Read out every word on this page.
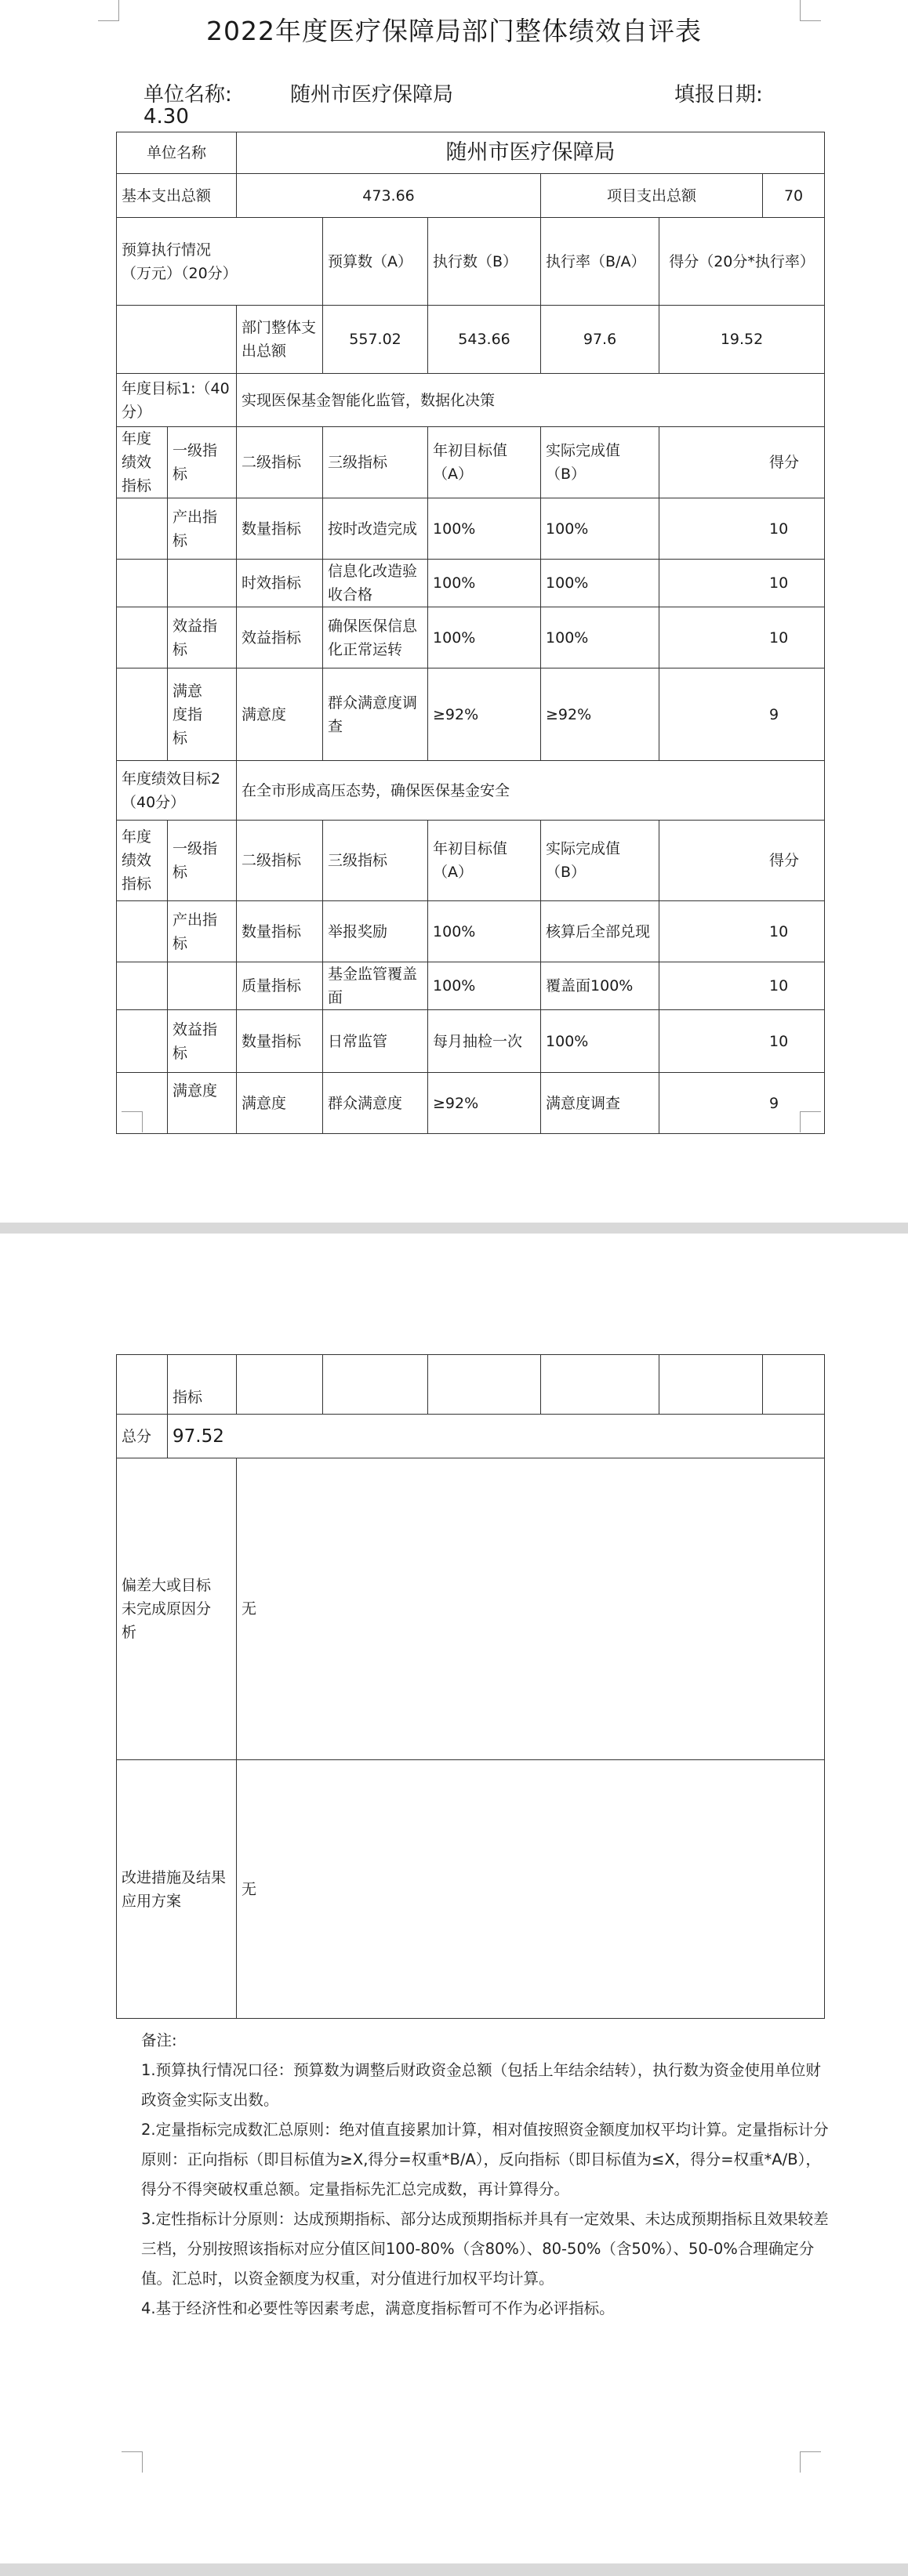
2022年度医疗保障局部门整体绩效自评表
单位名称:	随州市医疗保障局	填报日期:
4.30
单位名称		随州市医疗保障局					
基本支出总额		473.66			项目支出总额		70
预算执行情况（万元）（20分）			预算数（A）	执行数（B）	执行率（B/A）	得分（20分*执行率）	
		部门整体支出总额	557.02	543.66	97.6	19.52	
年度目标1:（40分）		实现医保基金智能化监管，数据化决策					
年度绩效指标	一级指标	二级指标	三级指标	年初目标值（A）	实际完成值（B）	得分	
	产出指标	数量指标	按时改造完成	100%	100%	10	
		时效指标	信息化改造验收合格	100%	100%	10	
	效益指标	效益指标	确保医保信息化正常运转	100%	100%	10	
	满意度指标	满意度	群众满意度调查	≥92%	≥92%	9	
年度绩效目标2（40分）		在全市形成高压态势，确保医保基金安全					
年度绩效指标	一级指标	二级指标	三级指标	年初目标值（A）	实际完成值（B）	得分	
	产出指标	数量指标	举报奖励	100%	核算后全部兑现	10	
		质量指标	基金监管覆盖面	100%	覆盖面100%	10	
	效益指标	数量指标	日常监管	每月抽检一次	100%	10	
	满意度	满意度	群众满意度	≥92%	满意度调查	9	
	指标						
总分	97.52						
偏差大或目标未完成原因分析		无					
改进措施及结果应用方案		无					

备注:

1.预算执行情况口径：预算数为调整后财政资金总额（包括上年结余结转），执行数为资金使用单位财政资金实际支出数。

2.定量指标完成数汇总原则：绝对值直接累加计算，相对值按照资金额度加权平均计算。定量指标计分原则：正向指标（即目标值为≥X,得分=权重*B/A），反向指标（即目标值为≤X，得分=权重*A/B），得分不得突破权重总额。定量指标先汇总完成数，再计算得分。

3.定性指标计分原则：达成预期指标、部分达成预期指标并具有一定效果、未达成预期指标且效果较差三档，分别按照该指标对应分值区间100-80%（含80%）、80-50%（含50%）、50-0%合理确定分值。汇总时，以资金额度为权重，对分值进行加权平均计算。

4.基于经济性和必要性等因素考虑，满意度指标暂可不作为必评指标。
